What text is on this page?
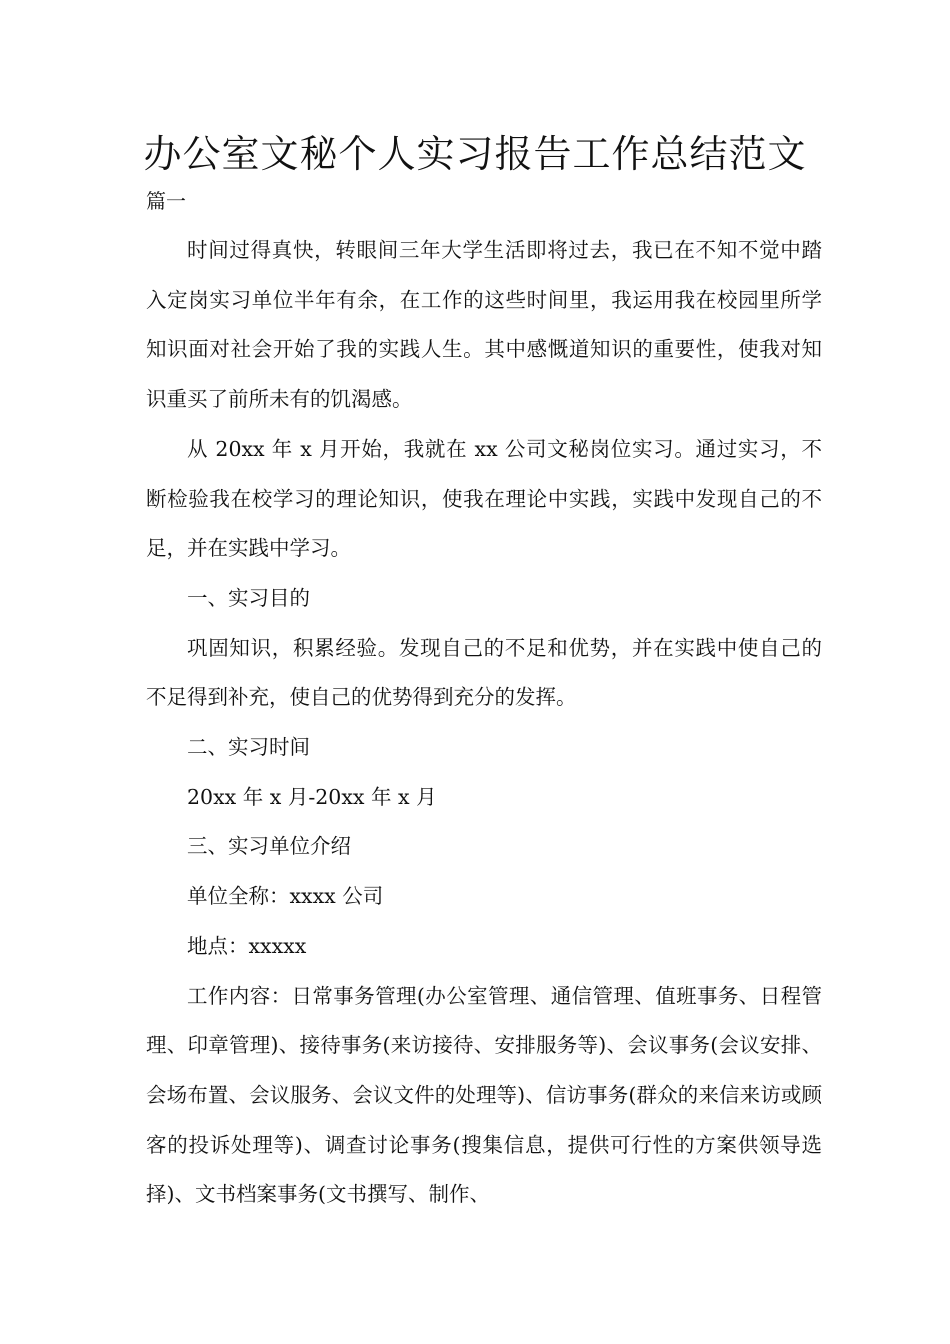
办公室文秘个人实习报告工作总结范文
篇一

时间过得真快，转眼间三年大学生活即将过去，我已在不知不觉中踏入定岗实习单位半年有余，在工作的这些时间里，我运用我在校园里所学知识面对社会开始了我的实践人生。其中感慨道知识的重要性，使我对知识重买了前所未有的饥渴感。

从 20xx 年 x 月开始，我就在 xx 公司文秘岗位实习。通过实习，不断检验我在校学习的理论知识，使我在理论中实践，实践中发现自己的不足，并在实践中学习。

一、实习目的

巩固知识，积累经验。发现自己的不足和优势，并在实践中使自己的不足得到补充，使自己的优势得到充分的发挥。

二、实习时间

20xx 年 x 月-20xx 年 x 月

三、实习单位介绍

单位全称：xxxx 公司

地点：xxxxx

工作内容：日常事务管理(办公室管理、通信管理、值班事务、日程管理、印章管理)、接待事务(来访接待、安排服务等)、会议事务(会议安排、会场布置、会议服务、会议文件的处理等)、信访事务(群众的来信来访或顾客的投诉处理等)、调查讨论事务(搜集信息，提供可行性的方案供领导选择)、文书档案事务(文书撰写、制作、
